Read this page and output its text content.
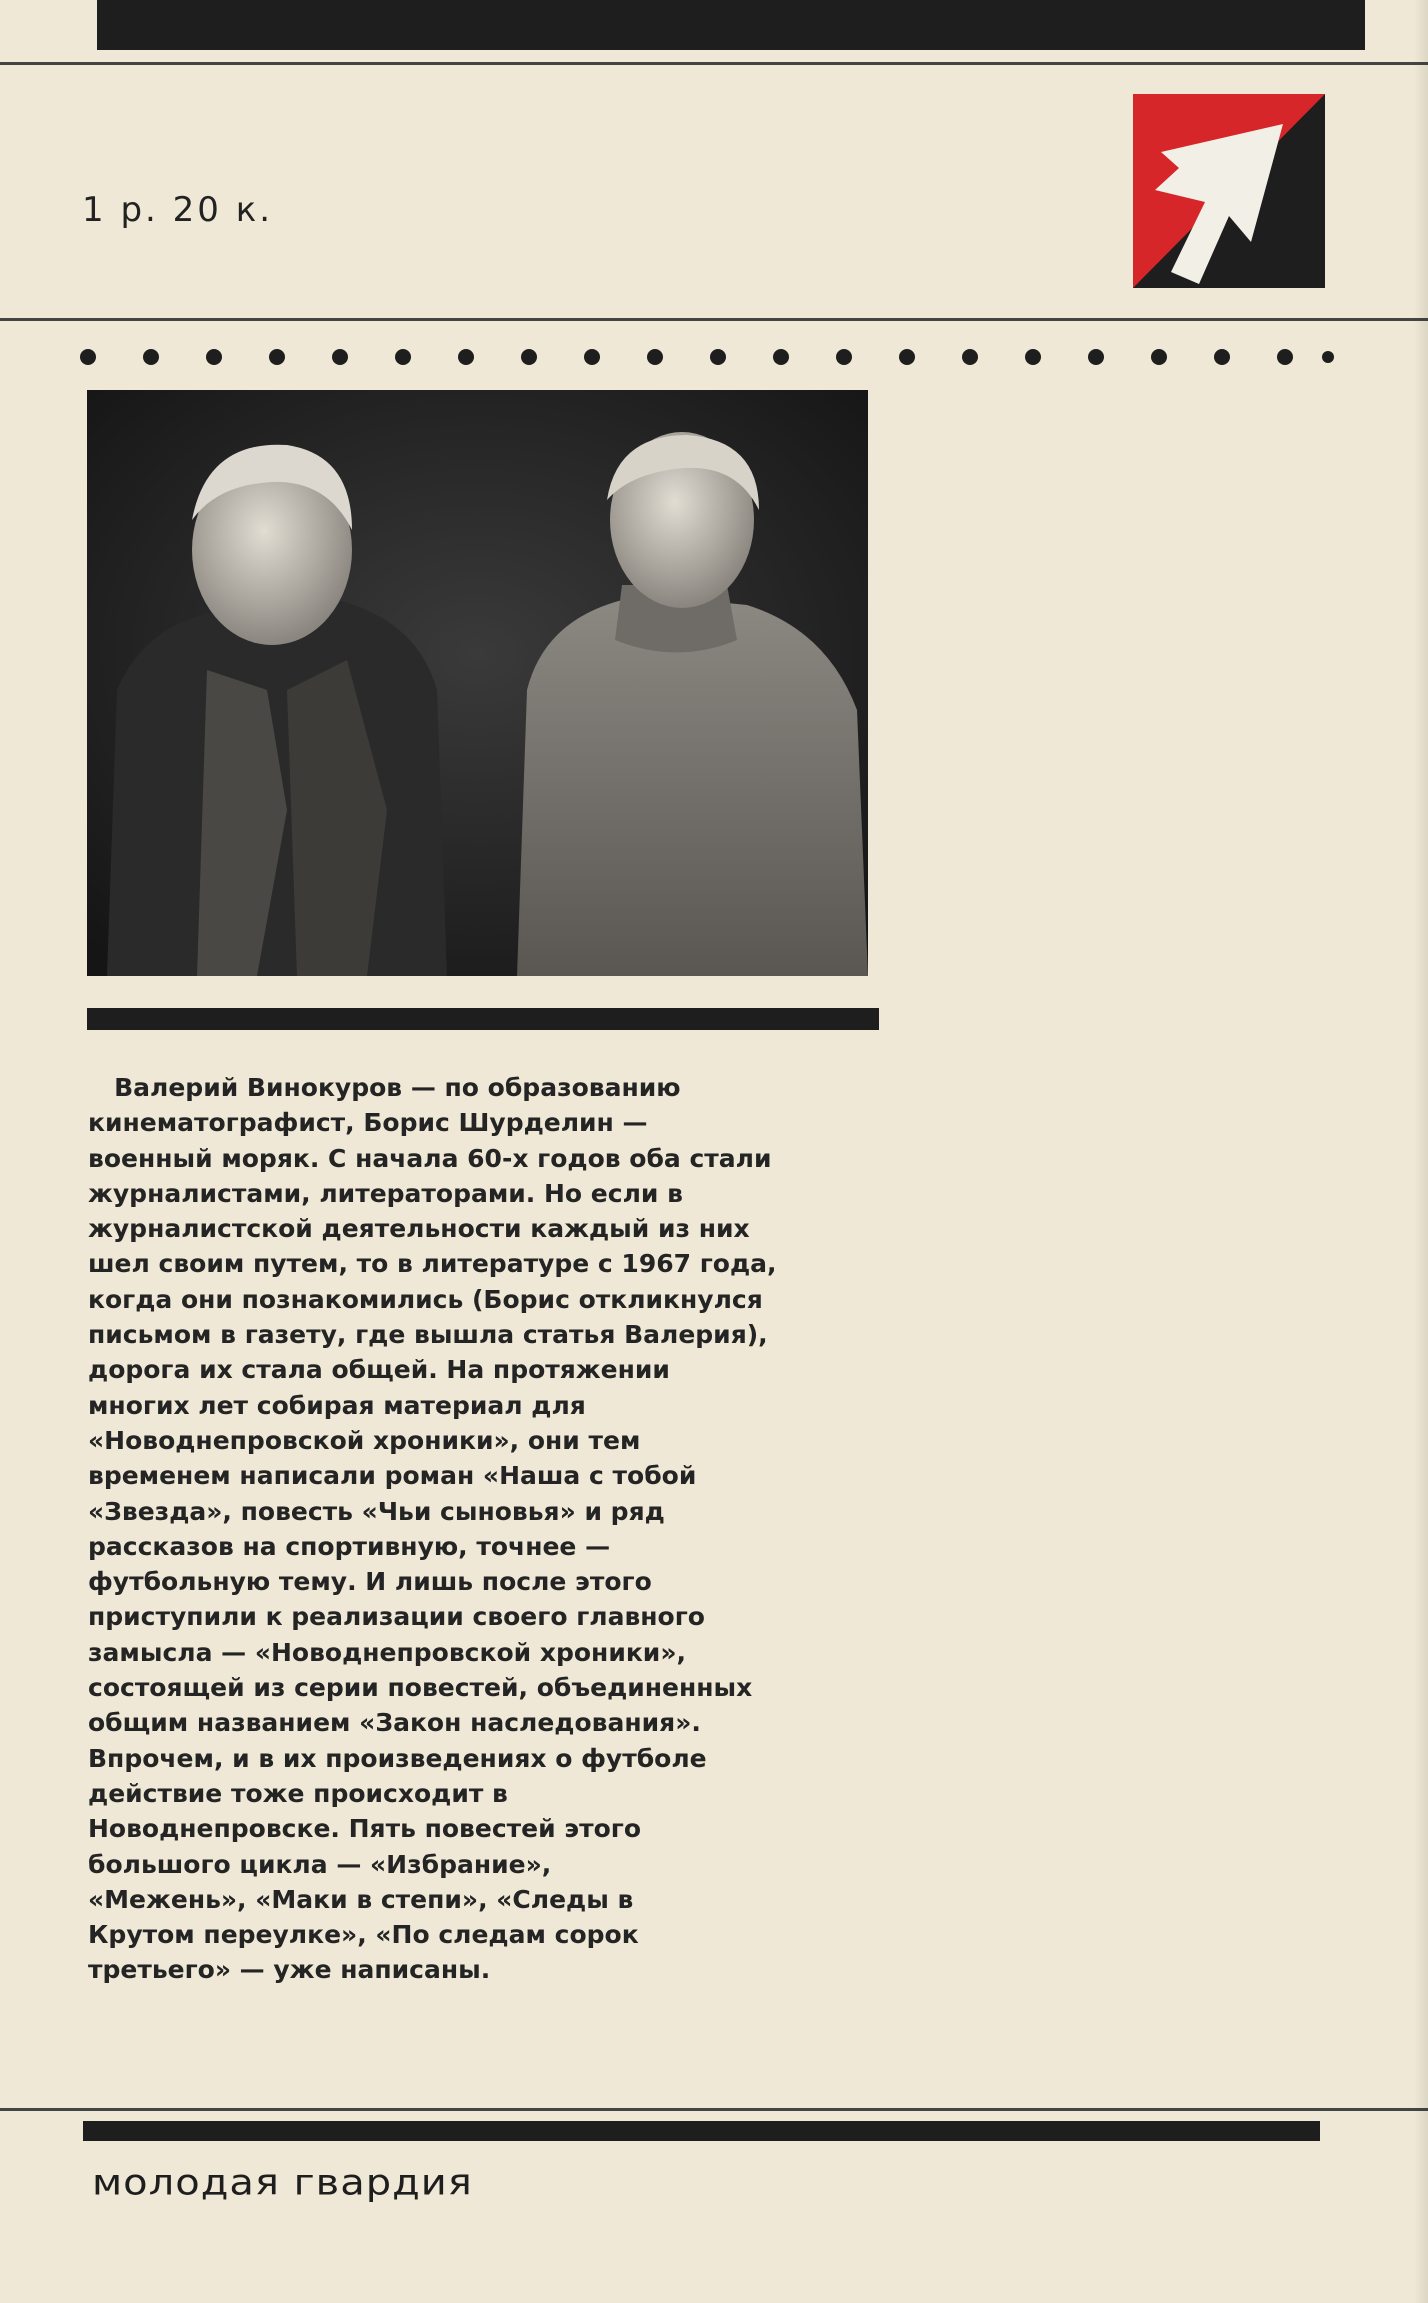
1 р. 20 к.
Валерий Винокуров — по образованию
кинематографист, Борис Шурделин —
военный моряк. С начала 60-х годов оба стали
журналистами, литераторами. Но если в
журналистской деятельности каждый из них
шел своим путем, то в литературе с 1967 года,
когда они познакомились (Борис откликнулся
письмом в газету, где вышла статья Валерия),
дорога их стала общей. На протяжении
многих лет собирая материал для
«Новоднепровской хроники», они тем
временем написали роман «Наша с тобой
«Звезда», повесть «Чьи сыновья» и ряд
рассказов на спортивную, точнее —
футбольную тему. И лишь после этого
приступили к реализации своего главного
замысла — «Новоднепровской хроники»,
состоящей из серии повестей, объединенных
общим названием «Закон наследования».
Впрочем, и в их произведениях о футболе
действие тоже происходит в
Новоднепровске. Пять повестей этого
большого цикла — «Избрание»,
«Межень», «Маки в степи», «Следы в
Крутом переулке», «По следам сорок
третьего» — уже написаны.
молодая гвардия
